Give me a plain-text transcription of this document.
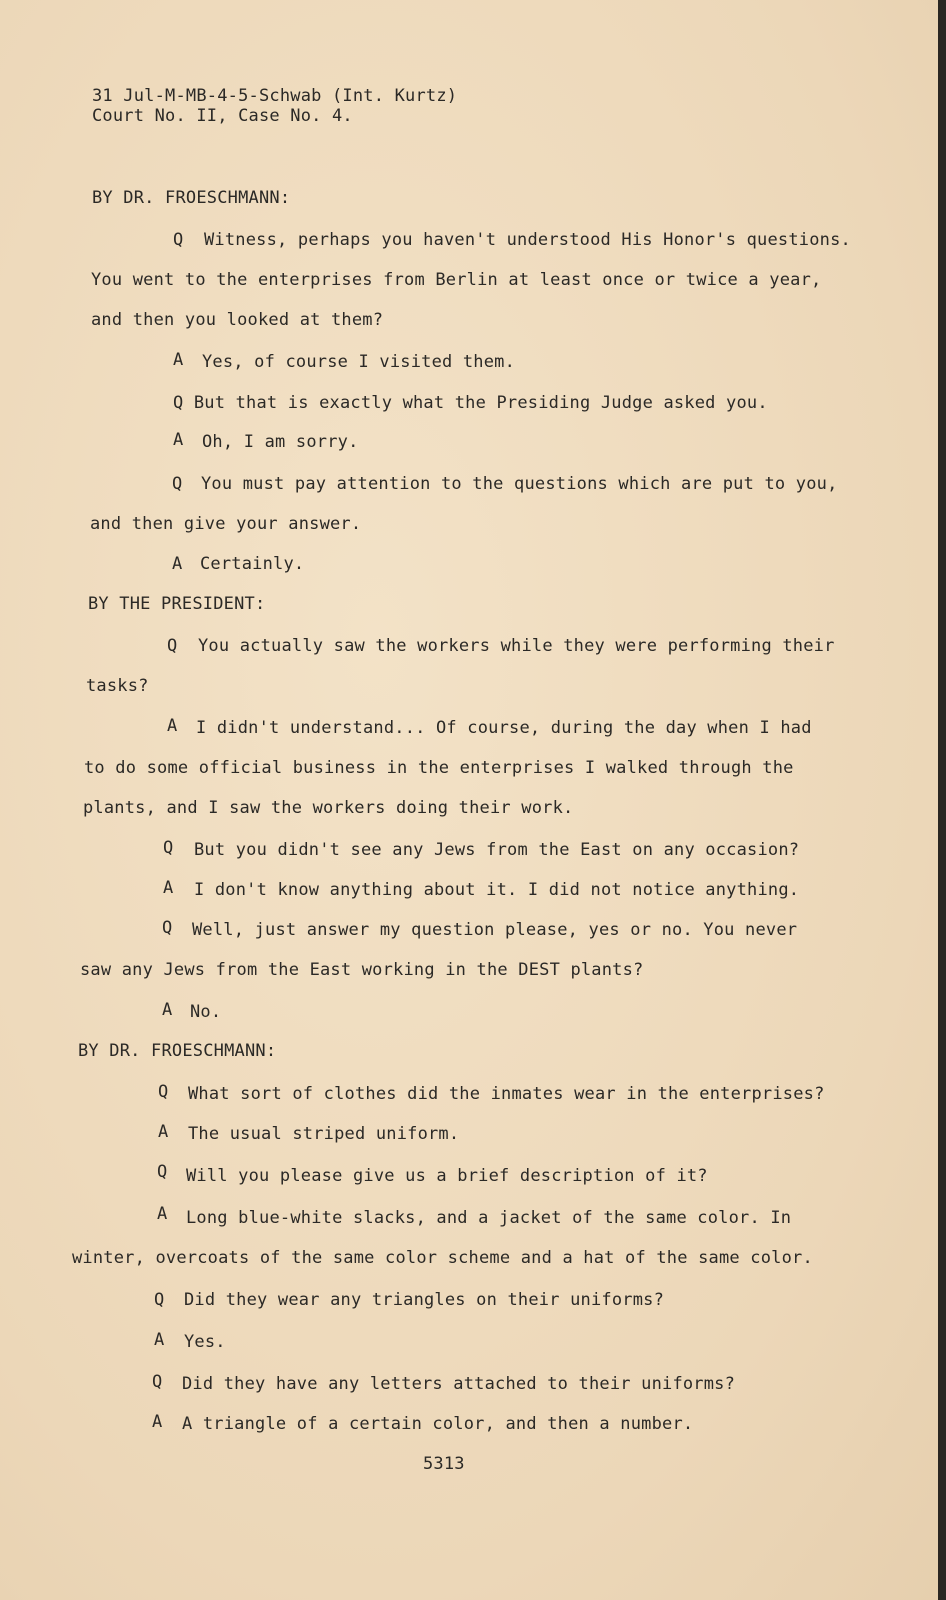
31 Jul-M-MB-4-5-Schwab (Int. Kurtz)
Court No. II, Case No. 4.
BY DR. FROESCHMANN:
Q Witness, perhaps you haven't understood His Honor's questions.
You went to the enterprises from Berlin at least once or twice a year,
and then you looked at them?
A Yes, of course I visited them.
Q But that is exactly what the Presiding Judge asked you.
A Oh, I am sorry.
Q You must pay attention to the questions which are put to you,
and then give your answer.
A Certainly.
BY THE PRESIDENT:
Q You actually saw the workers while they were performing their
tasks?
A I didn't understand... Of course, during the day when I had
to do some official business in the enterprises I walked through the
plants, and I saw the workers doing their work.
Q But you didn't see any Jews from the East on any occasion?
A I don't know anything about it. I did not notice anything.
Q Well, just answer my question please, yes or no. You never
saw any Jews from the East working in the DEST plants?
A No.
BY DR. FROESCHMANN:
Q What sort of clothes did the inmates wear in the enterprises?
A The usual striped uniform.
Q Will you please give us a brief description of it?
A Long blue-white slacks, and a jacket of the same color. In
winter, overcoats of the same color scheme and a hat of the same color.
Q Did they wear any triangles on their uniforms?
A Yes.
Q Did they have any letters attached to their uniforms?
A A triangle of a certain color, and then a number.
5313
